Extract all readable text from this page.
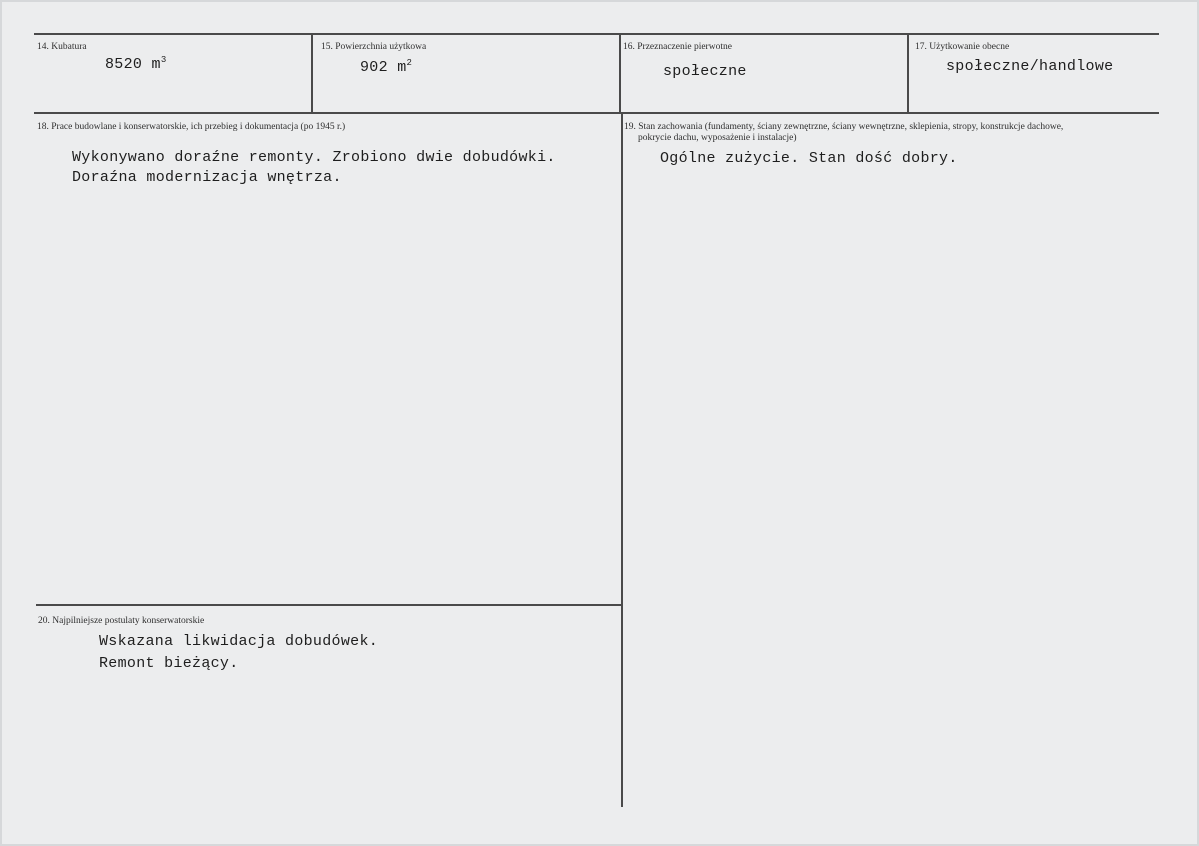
14. Kubatura
8520 $m^3$
15. Powierzchnia użytkowa
902 $m^2$
16. Przeznaczenie pierwotne
społeczne
17. Użytkowanie obecne
społeczne/handlowe
18. Prace budowlane i konserwatorskie, ich przebieg i dokumentacja (po 1945 r.)
Wykonywano doraźne remonty. Zrobiono dwie dobudówki.
Doraźna modernizacja wnętrza.
19. Stan zachowania (fundamenty, ściany zewnętrzne, ściany wewnętrzne, sklepienia, stropy, konstrukcje dachowe,
pokrycie dachu, wyposażenie i instalacje)
Ogólne zużycie. Stan dość dobry.
20. Najpilniejsze postulaty konserwatorskie
Wskazana likwidacja dobudówek.
Remont bieżący.
